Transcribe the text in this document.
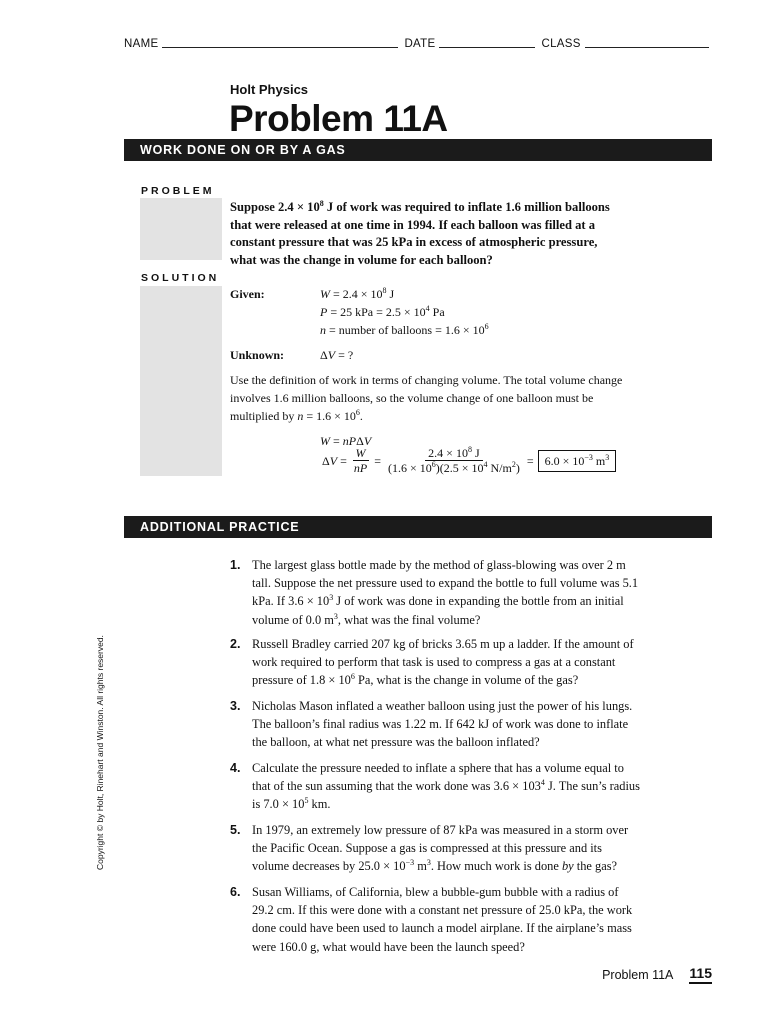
NAME	DATE	CLASS
Holt Physics
Problem 11A
WORK DONE ON OR BY A GAS
PROBLEM
Suppose $2.4 \times 10^8$ J of work was required to inflate 1.6 million balloons that were released at one time in 1994. If each balloon was filled at a constant pressure that was 25 kPa in excess of atmospheric pressure, what was the change in volume for each balloon?
SOLUTION
Given:	$W = 2.4 \times 10^8$ J
P = 25 kPa = $2.5 \times 10^4$ Pa
n = number of balloons = $1.6 \times 10^6$
Unknown:	ΔV = ?
Use the definition of work in terms of changing volume. The total volume change involves 1.6 million balloons, so the volume change of one balloon must be multiplied by $n = 1.6 \times 10^6$.
W = nPΔV
$\Delta V = \frac{W}{nP} = \frac{2.4 \times 10^8 J}{(1.6 \times 10^6)(2.5 \times 10^4 N/m^2)} = 6.0 \times 10^{-3}$ $m^3$
ADDITIONAL PRACTICE
1. The largest glass bottle made by the method of glass-blowing was over 2 m tall. Suppose the net pressure used to expand the bottle to full volume was 5.1 kPa. If $3.6 \times 10^3$ J of work was done in expanding the bottle from an initial volume of 0.0 $m^3$, what was the final volume?
2. Russell Bradley carried 207 kg of bricks 3.65 m up a ladder. If the amount of work required to perform that task is used to compress a gas at a constant pressure of $1.8 \times 10^6$ Pa, what is the change in volume of the gas?
3. Nicholas Mason inflated a weather balloon using just the power of his lungs. The balloon’s final radius was 1.22 m. If 642 kJ of work was done to inflate the balloon, at what net pressure was the balloon inflated?
4. Calculate the pressure needed to inflate a sphere that has a volume equal to that of the sun assuming that the work done was $3.6 \times 103^4$ J. The sun’s radius is $7.0 \times 10^5$ km.
5. In 1979, an extremely low pressure of 87 kPa was measured in a storm over the Pacific Ocean. Suppose a gas is compressed at this pressure and its volume decreases by $25.0 \times 10^{-3}$ $m^3$. How much work is done by the gas?
6. Susan Williams, of California, blew a bubble-gum bubble with a radius of 29.2 cm. If this were done with a constant net pressure of 25.0 kPa, the work done could have been used to launch a model airplane. If the airplane’s mass were 160.0 g, what would have been the launch speed?
Copyright © by Holt, Rinehart and Winston. All rights reserved.
Problem 11A 115
